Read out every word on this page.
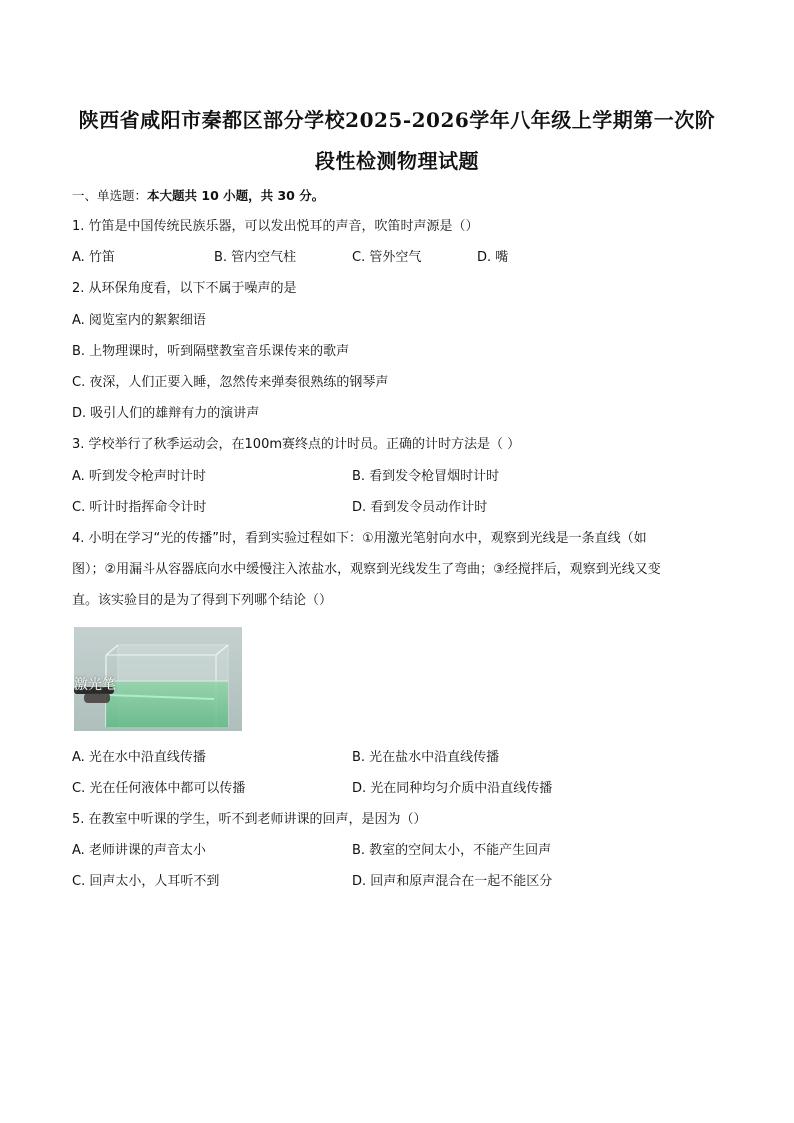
陕西省咸阳市秦都区部分学校2025-2026学年八年级上学期第一次阶
段性检测物理试题
一、单选题：本大题共 10 小题，共 30 分。
1. 竹笛是中国传统民族乐器，可以发出悦耳的声音，吹笛时声源是（）
A. 竹笛	B. 管内空气柱	C. 管外空气	D. 嘴
2. 从环保角度看，以下不属于噪声的是
A. 阅览室内的絮絮细语
B. 上物理课时，听到隔壁教室音乐课传来的歌声
C. 夜深，人们正要入睡，忽然传来弹奏很熟练的钢琴声
D. 吸引人们的雄辩有力的演讲声
3. 学校举行了秋季运动会，在100m赛终点的计时员。正确的计时方法是（ ）
A. 听到发令枪声时计时	B. 看到发令枪冒烟时计时
C. 听计时指挥命令计时	D. 看到发令员动作计时
4. 小明在学习“光的传播”时，看到实验过程如下：①用激光笔射向水中，观察到光线是一条直线（如
图）；②用漏斗从容器底向水中缓慢注入浓盐水，观察到光线发生了弯曲；③经搅拌后，观察到光线又变
直。该实验目的是为了得到下列哪个结论（）
激光笔
A. 光在水中沿直线传播	B. 光在盐水中沿直线传播
C. 光在任何液体中都可以传播	D. 光在同种均匀介质中沿直线传播
5. 在教室中听课的学生，听不到老师讲课的回声，是因为（）
A. 老师讲课的声音太小	B. 教室的空间太小，不能产生回声
C. 回声太小，人耳听不到	D. 回声和原声混合在一起不能区分
